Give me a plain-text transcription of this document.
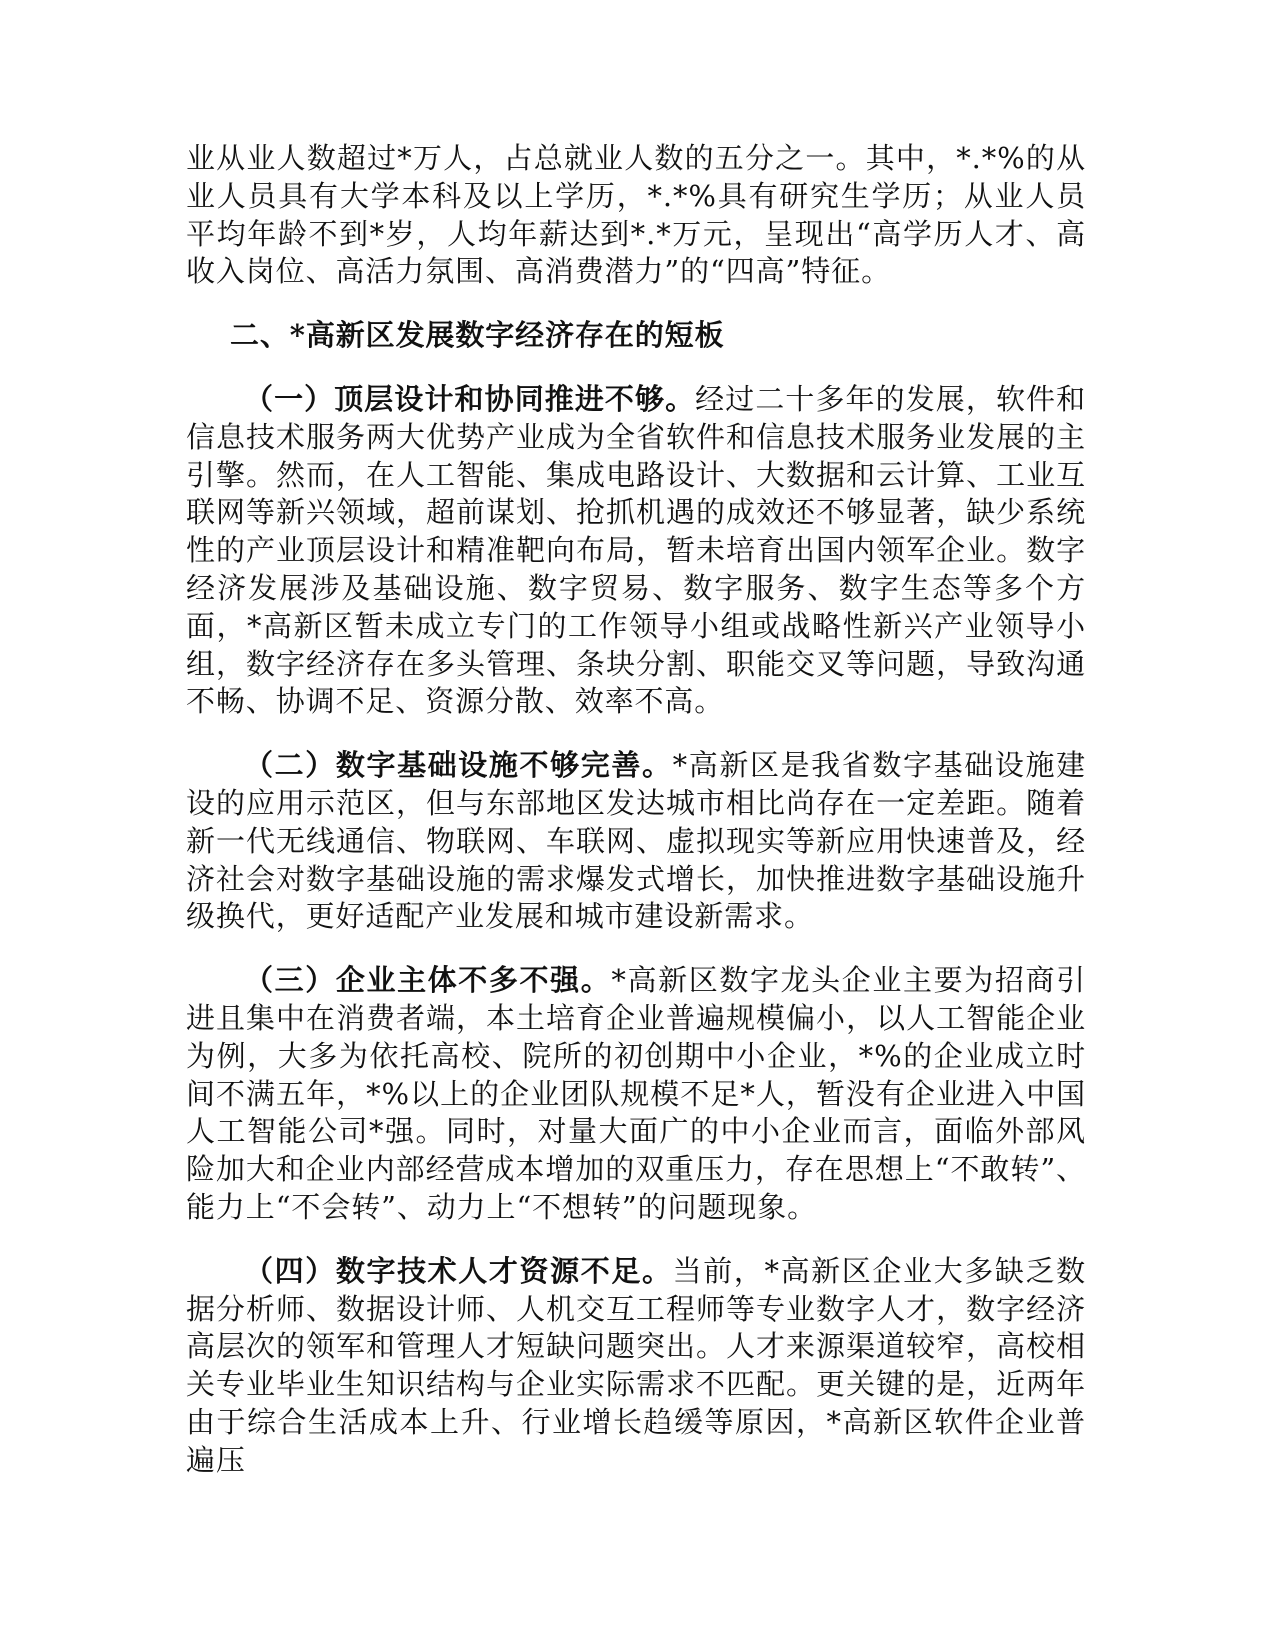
业从业人数超过*万人，占总就业人数的五分之一。其中，*.*%的从业人员具有大学本科及以上学历，*.*%具有研究生学历；从业人员平均年龄不到*岁，人均年薪达到*.*万元，呈现出“高学历人才、高收入岗位、高活力氛围、高消费潜力”的“四高”特征。

二、*高新区发展数字经济存在的短板

（一）顶层设计和协同推进不够。经过二十多年的发展，软件和信息技术服务两大优势产业成为全省软件和信息技术服务业发展的主引擎。然而，在人工智能、集成电路设计、大数据和云计算、工业互联网等新兴领域，超前谋划、抢抓机遇的成效还不够显著，缺少系统性的产业顶层设计和精准靶向布局，暂未培育出国内领军企业。数字经济发展涉及基础设施、数字贸易、数字服务、数字生态等多个方面，*高新区暂未成立专门的工作领导小组或战略性新兴产业领导小组，数字经济存在多头管理、条块分割、职能交叉等问题，导致沟通不畅、协调不足、资源分散、效率不高。

（二）数字基础设施不够完善。*高新区是我省数字基础设施建设的应用示范区，但与东部地区发达城市相比尚存在一定差距。随着新一代无线通信、物联网、车联网、虚拟现实等新应用快速普及，经济社会对数字基础设施的需求爆发式增长，加快推进数字基础设施升级换代，更好适配产业发展和城市建设新需求。

（三）企业主体不多不强。*高新区数字龙头企业主要为招商引进且集中在消费者端，本土培育企业普遍规模偏小，以人工智能企业为例，大多为依托高校、院所的初创期中小企业，*%的企业成立时间不满五年，*%以上的企业团队规模不足*人，暂没有企业进入中国人工智能公司*强。同时，对量大面广的中小企业而言，面临外部风险加大和企业内部经营成本增加的双重压力，存在思想上“不敢转”、能力上“不会转”、动力上“不想转”的问题现象。

（四）数字技术人才资源不足。当前，*高新区企业大多缺乏数据分析师、数据设计师、人机交互工程师等专业数字人才，数字经济高层次的领军和管理人才短缺问题突出。人才来源渠道较窄，高校相关专业毕业生知识结构与企业实际需求不匹配。更关键的是，近两年由于综合生活成本上升、行业增长趋缓等原因，*高新区软件企业普遍压
